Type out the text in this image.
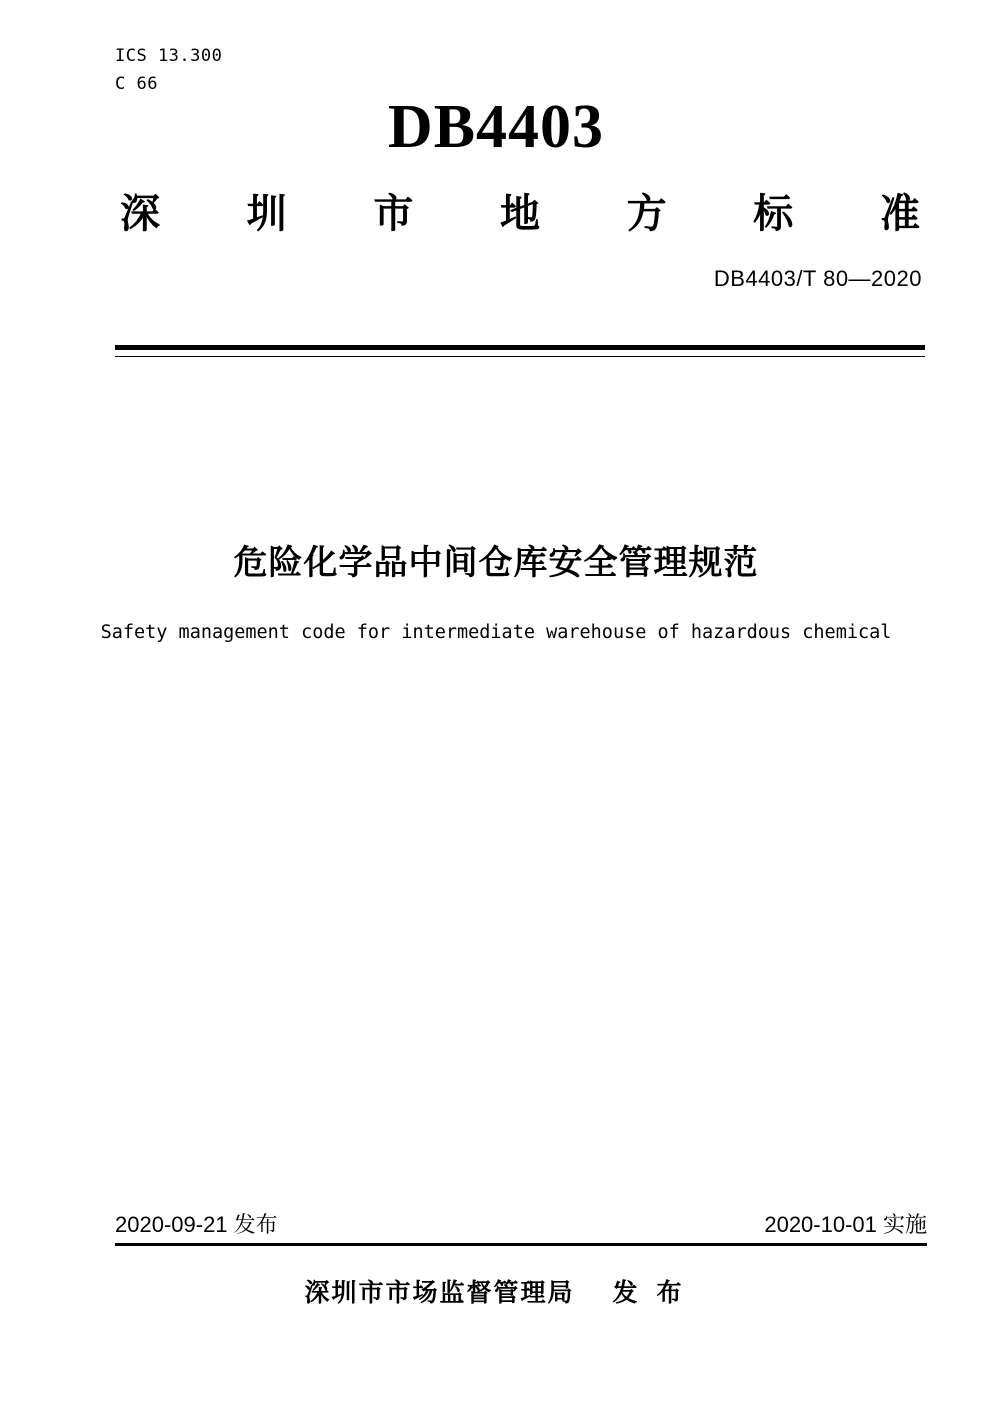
ICS 13.300
C 66
DB4403
深 圳 市 地 方 标 准
DB4403/T 80—2020
危险化学品中间仓库安全管理规范
Safety management code for intermediate warehouse of hazardous chemical
2020-09-21 发布	2020-10-01 实施
深圳市市场监督管理局 发 布
